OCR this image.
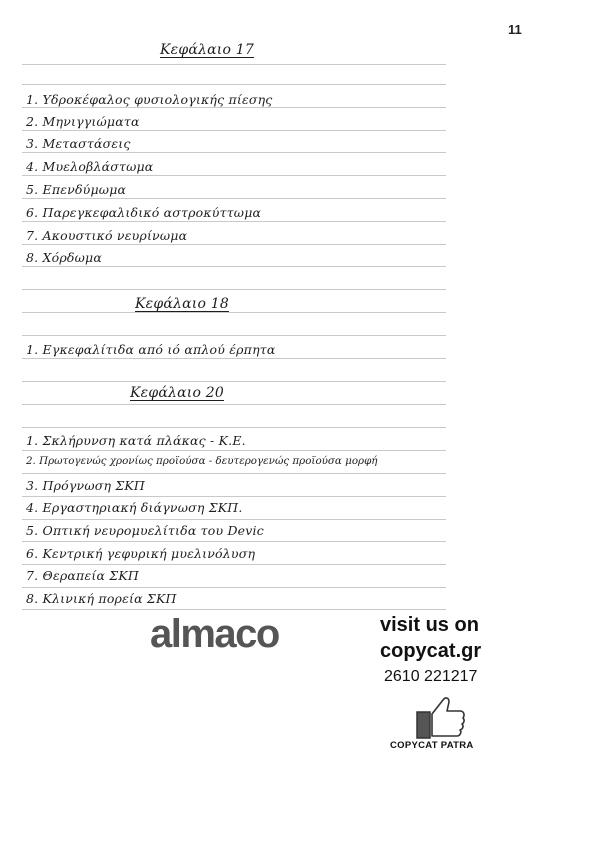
11
Κεφάλαιο 17
1. Υδροκέφαλος φυσιολογικής πίεσης
2. Μηνιγγιώματα
3. Μεταστάσεις
4. Μυελοβλάστωμα
5. Επενδύμωμα
6. Παρεγκεφαλιδικό αστροκύττωμα
7. Ακουστικό νευρίνωμα
8. Χόρδωμα
Κεφάλαιο 18
1. Εγκεφαλίτιδα από ιό απλού έρπητα
Κεφάλαιο 20
1. Σκλήρυνση κατά πλάκας - Κ.Ε.
2. Πρωτογενώς χρονίως προϊούσα - δευτερογενώς προϊούσα μορφή
3. Πρόγνωση ΣΚΠ
4. Εργαστηριακή διάγνωση ΣΚΠ.
5. Οπτική νευρομυελίτιδα του Devic
6. Κεντρική γεφυρική μυελινόλυση
7. Θεραπεία ΣΚΠ
8. Κλινική πορεία ΣΚΠ
almaco	visit us on
copycat.gr
2610 221217
COPYCAT PATRA
